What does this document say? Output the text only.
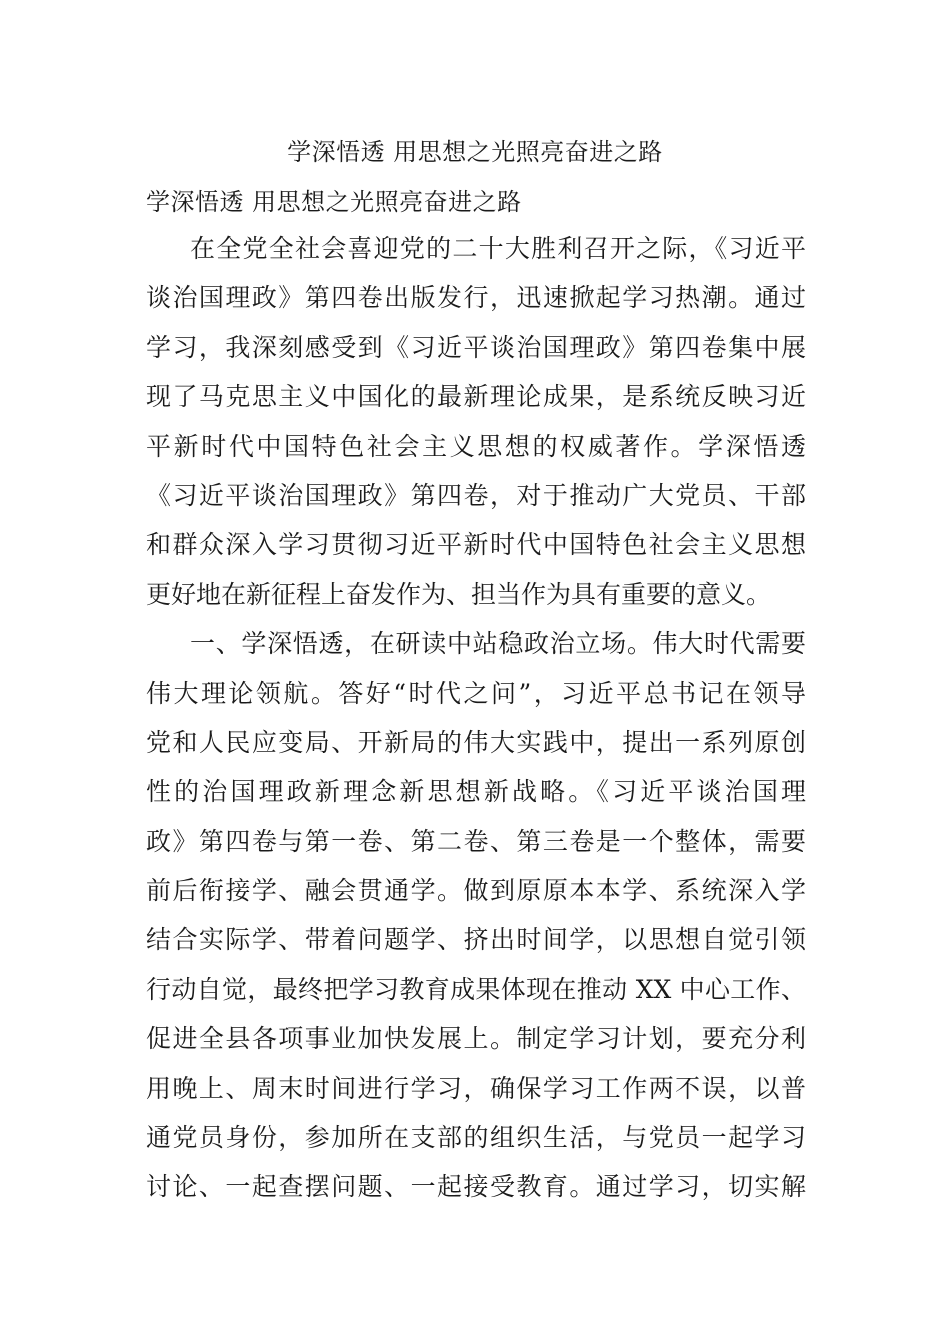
学深悟透 用思想之光照亮奋进之路
学深悟透 用思想之光照亮奋进之路
在全党全社会喜迎党的二十大胜利召开之际，《习近平
谈治国理政》第四卷出版发行，迅速掀起学习热潮。通过
学习，我深刻感受到《习近平谈治国理政》第四卷集中展
现了马克思主义中国化的最新理论成果，是系统反映习近
平新时代中国特色社会主义思想的权威著作。学深悟透
《习近平谈治国理政》第四卷，对于推动广大党员、干部
和群众深入学习贯彻习近平新时代中国特色社会主义思想
更好地在新征程上奋发作为、担当作为具有重要的意义。
一、学深悟透，在研读中站稳政治立场。伟大时代需要
伟大理论领航。答好“时代之问”，习近平总书记在领导
党和人民应变局、开新局的伟大实践中，提出一系列原创
性的治国理政新理念新思想新战略。《习近平谈治国理
政》第四卷与第一卷、第二卷、第三卷是一个整体，需要
前后衔接学、融会贯通学。做到原原本本学、系统深入学
结合实际学、带着问题学、挤出时间学，以思想自觉引领
行动自觉，最终把学习教育成果体现在推动 XX 中心工作、
促进全县各项事业加快发展上。制定学习计划，要充分利
用晚上、周末时间进行学习，确保学习工作两不误，以普
通党员身份，参加所在支部的组织生活，与党员一起学习
讨论、一起查摆问题、一起接受教育。通过学习，切实解
